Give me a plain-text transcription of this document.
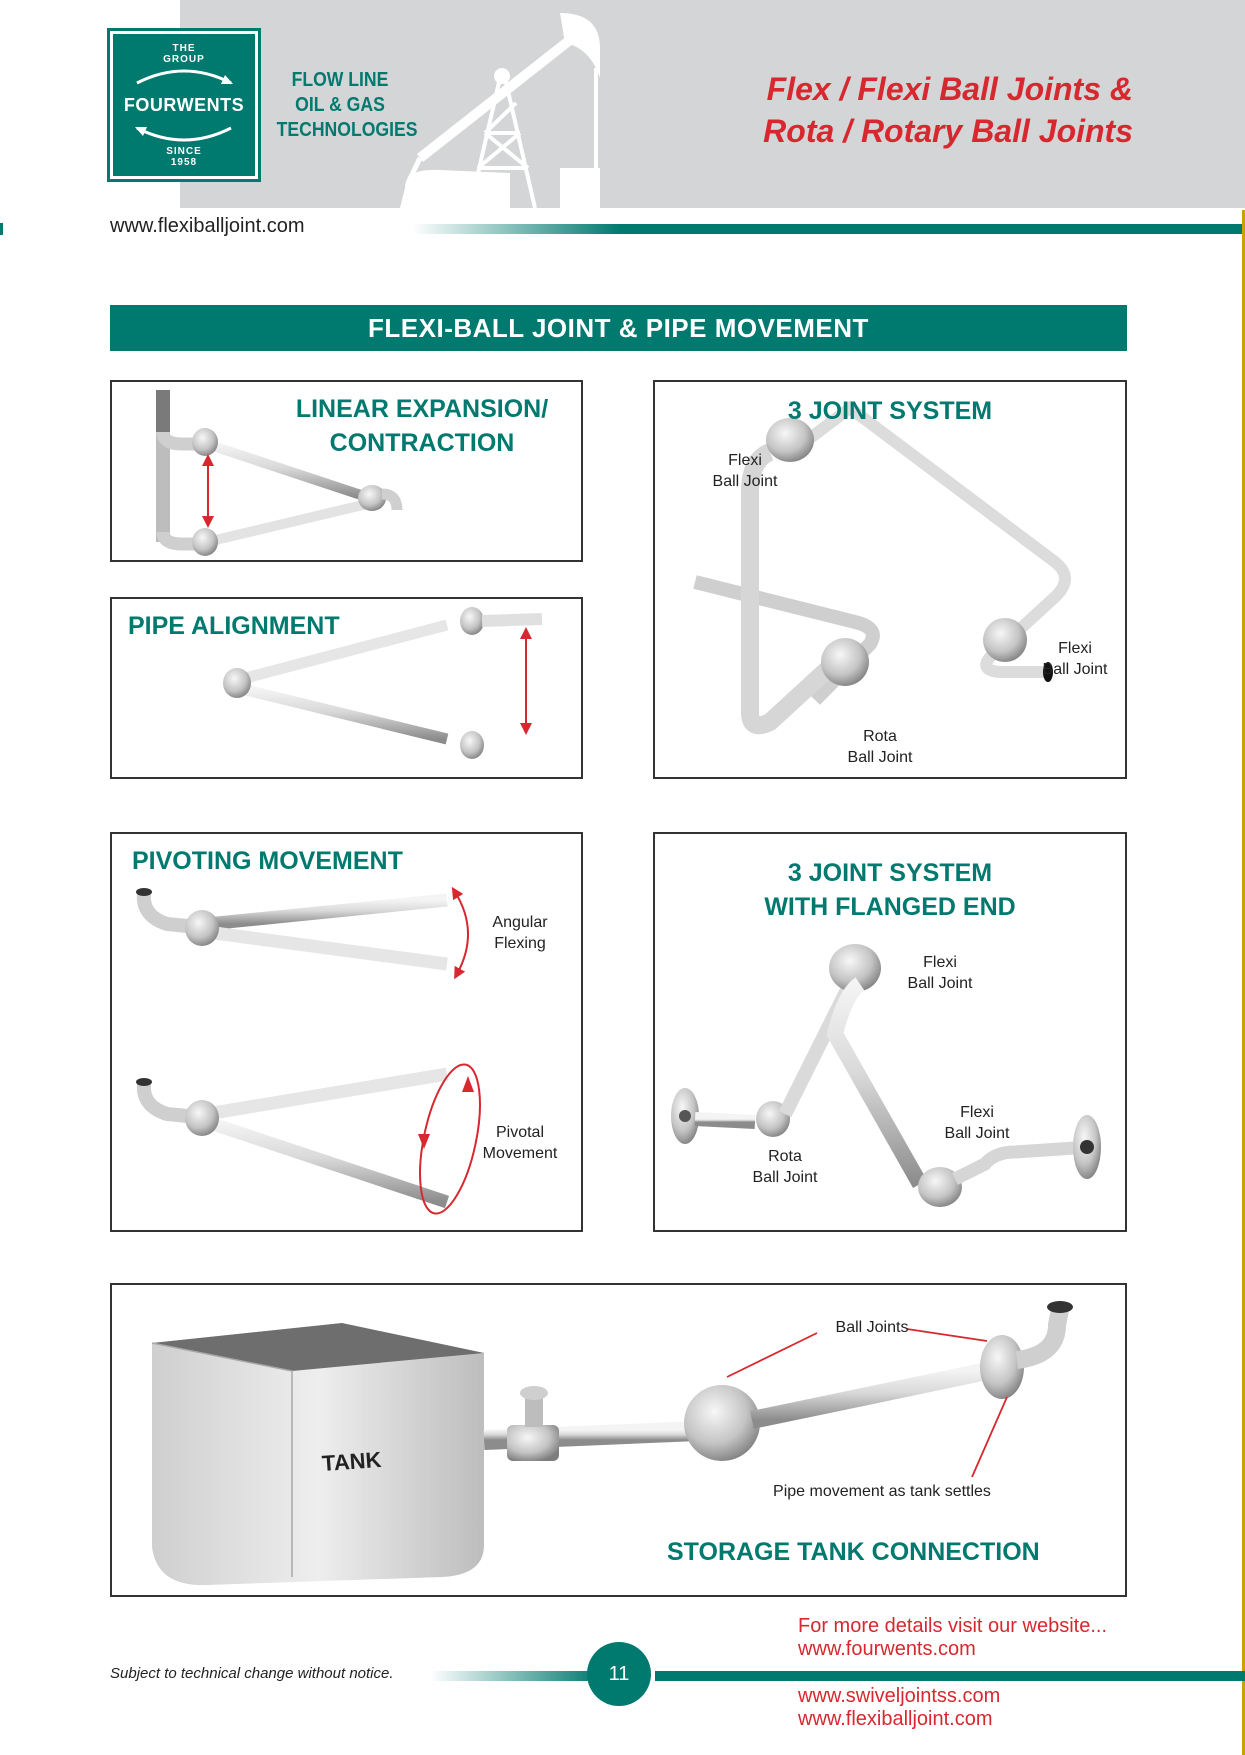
THE
GROUP
FOURWENTS
SINCE
1958
FLOW LINE
OIL & GAS
TECHNOLOGIES
Flex / Flexi Ball Joints &
Rota / Rotary Ball Joints
www.flexiballjoint.com
FLEXI-BALL JOINT & PIPE MOVEMENT
LINEAR EXPANSION/
CONTRACTION
PIPE ALIGNMENT
3 JOINT SYSTEM
Flexi
Ball Joint
Flexi
Ball Joint
Rota
Ball Joint
PIVOTING MOVEMENT
Angular
Flexing
Pivotal
Movement
3 JOINT SYSTEM
WITH FLANGED END
Flexi
Ball Joint
Flexi
Ball Joint
Rota
Ball Joint
TANK
Ball Joints
Pipe movement as tank settles
STORAGE TANK CONNECTION
For more details visit our website...
www.fourwents.com
Subject to technical change without notice.	11
www.swiveljointss.com
www.flexiballjoint.com
